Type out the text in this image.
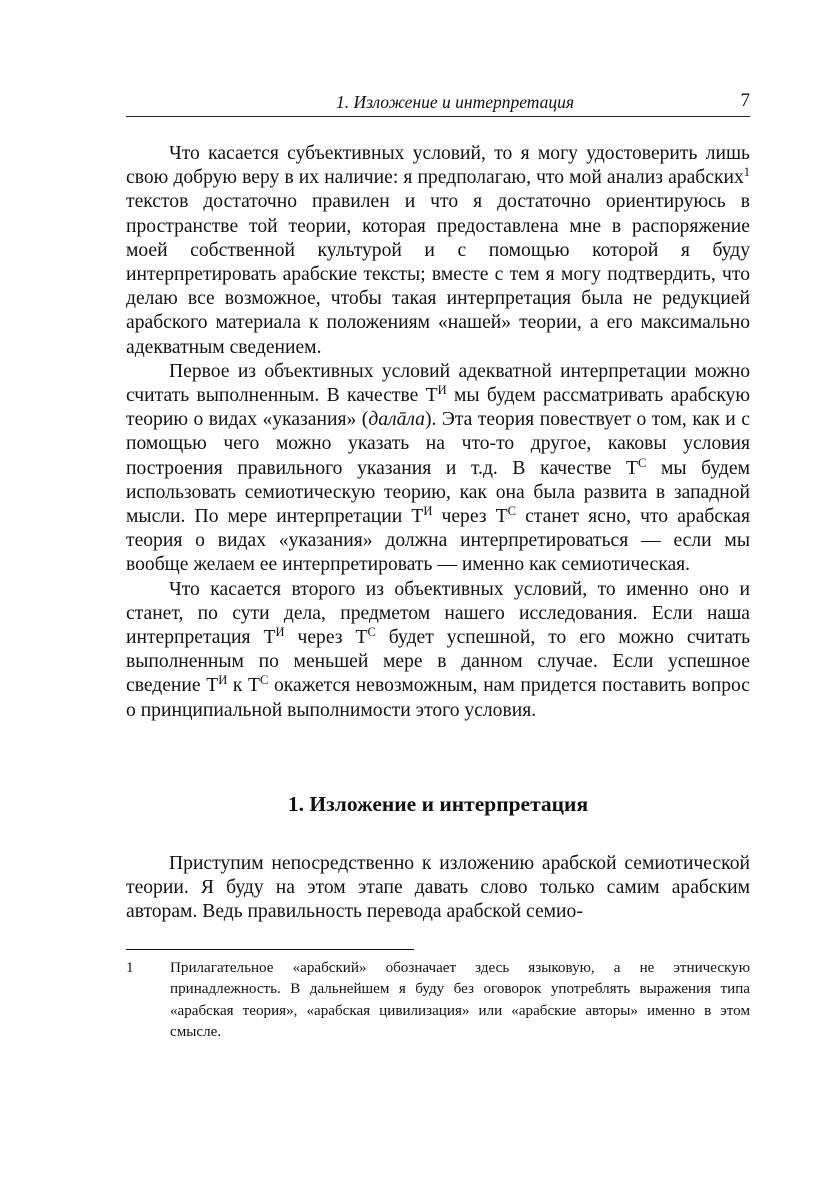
1. Изложение и интерпретация	7

Что касается субъективных условий, то я могу удостоверить лишь свою добрую веру в их наличие: я предполагаю, что мой анализ арабских$^1$ текстов достаточно правилен и что я достаточно ориентируюсь в пространстве той теории, которая предоставлена мне в распоряжение моей собственной культурой и с помощью которой я буду интерпретировать арабские тексты; вместе с тем я могу подтвердить, что делаю все возможное, чтобы такая интерпретация была не редукцией арабского материала к положениям «нашей» теории, а его максимально адекватным сведением.

Первое из объективных условий адекватной интерпретации можно считать выполненным. В качестве $Т^И$ мы будем рассматривать арабскую теорию о видах «указания» (далāла). Эта теория повествует о том, как и с помощью чего можно указать на что-то другое, каковы условия построения правильного указания и т.д. В качестве $Т^С$ мы будем использовать семиотическую теорию, как она была развита в западной мысли. По мере интерпретации $Т^И$ через $Т^С$ станет ясно, что арабская теория о видах «указания» должна интерпретироваться — если мы вообще желаем ее интерпретировать — именно как семиотическая.

Что касается второго из объективных условий, то именно оно и станет, по сути дела, предметом нашего исследования. Если наша интерпретация $Т^И$ через $Т^С$ будет успешной, то его можно считать выполненным по меньшей мере в данном случае. Если успешное сведение $Т^И$ к $Т^С$ окажется невозможным, нам придется поставить вопрос о принципиальной выполнимости этого условия.

1. Изложение и интерпретация

Приступим непосредственно к изложению арабской семиотической теории. Я буду на этом этапе давать слово только самим арабским авторам. Ведь правильность перевода арабской семио-

1 Прилагательное «арабский» обозначает здесь языковую, а не этническую принадлежность. В дальнейшем я буду без оговорок употреблять выражения типа «арабская теория», «арабская цивилизация» или «арабские авторы» именно в этом смысле.
